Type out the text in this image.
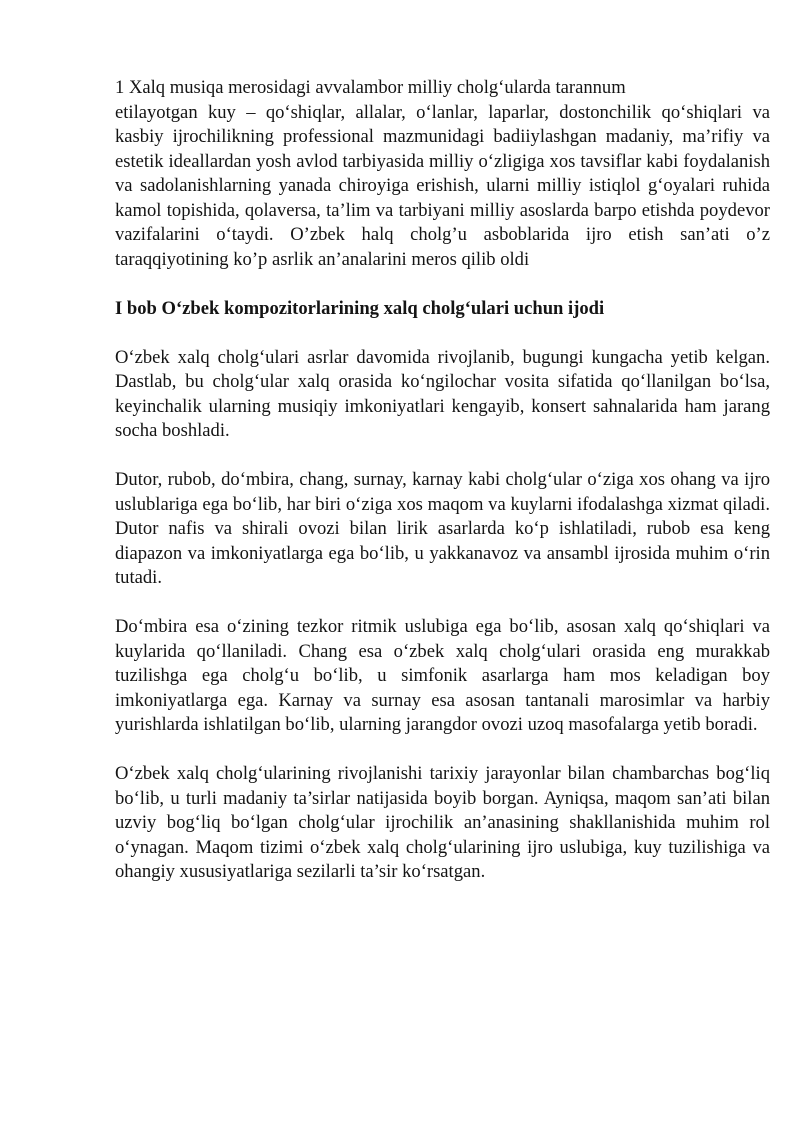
1 Xalq musiqa merosidagi avvalambor milliy cholg‘ularda tarannum

etilayotgan kuy – qo‘shiqlar, allalar, o‘lanlar, laparlar, dostonchilik qo‘shiqlari va kasbiy ijrochilikning professional mazmunidagi badiiylashgan madaniy, ma’rifiy va estetik ideallardan yosh avlod tarbiyasida milliy o‘zligiga xos tavsiflar kabi foydalanish va sadolanishlarning yanada chiroyiga erishish, ularni milliy istiqlol g‘oyalari ruhida kamol topishida, qolaversa, ta’lim va tarbiyani milliy asoslarda barpo etishda poydevor vazifalarini o‘taydi. O’zbek halq cholg’u asboblarida ijro etish san’ati o’z taraqqiyotining ko’p asrlik an’analarini meros qilib oldi

I bob O‘zbek kompozitorlarining xalq cholg‘ulari uchun ijodi

O‘zbek xalq cholg‘ulari asrlar davomida rivojlanib, bugungi kungacha yetib kelgan. Dastlab, bu cholg‘ular xalq orasida ko‘ngilochar vosita sifatida qo‘llanilgan bo‘lsa, keyinchalik ularning musiqiy imkoniyatlari kengayib, konsert sahnalarida ham jarang socha boshladi.

Dutor, rubob, do‘mbira, chang, surnay, karnay kabi cholg‘ular o‘ziga xos ohang va ijro uslublariga ega bo‘lib, har biri o‘ziga xos maqom va kuylarni ifodalashga xizmat qiladi. Dutor nafis va shirali ovozi bilan lirik asarlarda ko‘p ishlatiladi, rubob esa keng diapazon va imkoniyatlarga ega bo‘lib, u yakkanavoz va ansambl ijrosida muhim o‘rin tutadi.

Do‘mbira esa o‘zining tezkor ritmik uslubiga ega bo‘lib, asosan xalq qo‘shiqlari va kuylarida qo‘llaniladi. Chang esa o‘zbek xalq cholg‘ulari orasida eng murakkab tuzilishga ega cholg‘u bo‘lib, u simfonik asarlarga ham mos keladigan boy imkoniyatlarga ega. Karnay va surnay esa asosan tantanali marosimlar va harbiy yurishlarda ishlatilgan bo‘lib, ularning jarangdor ovozi uzoq masofalarga yetib boradi.

O‘zbek xalq cholg‘ularining rivojlanishi tarixiy jarayonlar bilan chambarchas bog‘liq bo‘lib, u turli madaniy ta’sirlar natijasida boyib borgan. Ayniqsa, maqom san’ati bilan uzviy bog‘liq bo‘lgan cholg‘ular ijrochilik an’anasining shakllanishida muhim rol o‘ynagan. Maqom tizimi o‘zbek xalq cholg‘ularining ijro uslubiga, kuy tuzilishiga va ohangiy xususiyatlariga sezilarli ta’sir ko‘rsatgan.
